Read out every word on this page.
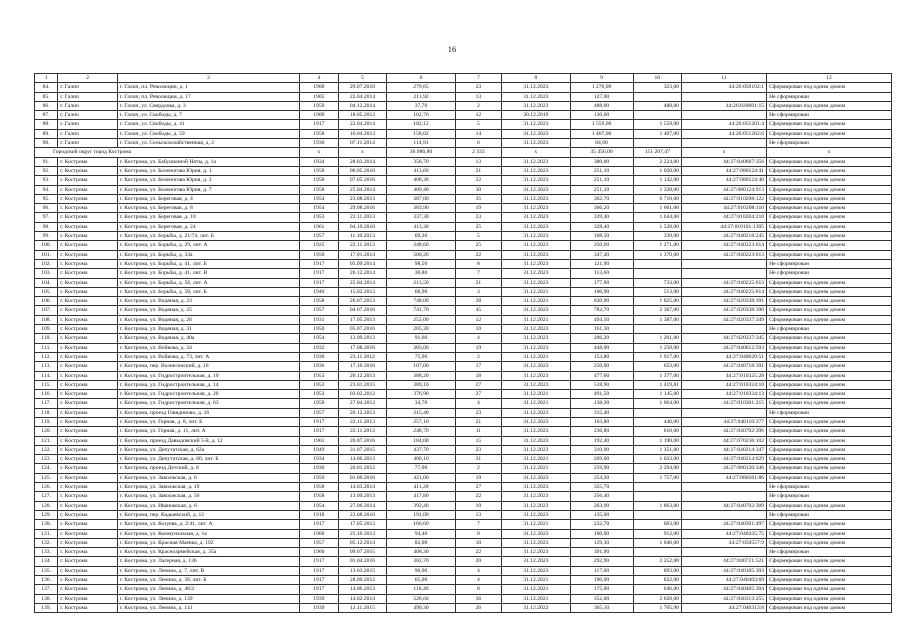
16
1	2	3	4	5	6	7	8	9	10	11	12
84.	г. Галич	г. Галич, пл. Революции, д. 1	1900	29.07.2016	279,65	23	31.12.2023	1 276,00	323,00	44:26:050102:1	Сформирован под одним домом
85.	г. Галич	г. Галич, пл. Революции, д. 17	1905	22.04.2014	211,92	13	31.12.2023	127,00			Не сформирован
86.	г. Галич	г. Галич, ул. Свердлова, д. 3	1959	04.12.2014	37,70	2	31.12.2023	488,00	488,00	44:26:020601:15	Сформирован под одним домом
87.	г. Галич	г. Галич, ул. Свободы, д. 7	1900	18.05.2012	102,76	12	30.12.2019	130,00			Не сформирован
88.	г. Галич	г. Галич, ул. Свободы, д. 41	1917	22.04.2014	182,12	5	31.12.2023	1 559,00	1 559,00	44:26:051201:4	Сформирован под одним домом
89.	г. Галич	г. Галич, ул. Свободы, д. 59	1958	16.04.2013	158,02	14	31.12.2023	1 407,00	1 407,00	44:26:051202:6	Сформирован под одним домом
90.	г. Галич	г. Галич, ул. Сельскохозяйственная, д. 2	1930	07.11.2014	114,91	6	31.12.2023	84,00			Не сформирован
Городской округ город Кострома			x	x	36 986,80	2 333	x	35 456,00	151 207,47	x	x
91.	г. Кострома	г. Кострома, ул. Бабушкиной Няты, д. 1а	1934	28.03.2014	356,70	13	31.12.2023	380,00	2 224,00	44:27:040607:356	Сформирован под одним домом
92.	г. Кострома	г. Кострома, ул. Беленогова Юрия, д. 1	1958	06.05.2016	413,60	21	31.12.2023	251,10	1 020,00	44:27:080124:41	Сформирован под одним домом
93.	г. Кострома	г. Кострома, ул. Беленогова Юрия, д. 3	1958	07.05.2016	408,30	22	31.12.2023	251,10	1 142,00	44:27:080124:40	Сформирован под одним домом
94.	г. Кострома	г. Кострома, ул. Беленогова Юрия, д. 7	1958	25.04.2014	409,40	30	31.12.2023	251,10	1 328,00	44:27:080124:913	Сформирован под одним домом
95.	г. Кострома	г. Кострома, ул. Береговая, д. 4	1954	23.08.2013	387,00	35	31.12.2023	362,70	6 710,00	44:27:010208:122	Сформирован под одним домом
96.	г. Кострома	г. Кострома, ул. Береговая, д. 8	1954	29.08.2016	383,90	19	31.12.2023	366,20	1 661,00	44:27:010208:110	Сформирован под одним домом
97.	г. Кострома	г. Кострома, ул. Береговая, д. 10	1953	22.11.2013	337,30	23	31.12.2023	339,40	1 644,00	44:27:010204:210	Сформирован под одним домом
98.	г. Кострома	г. Кострома, ул. Береговая, д. 24	1961	04.10.2016	413,30	25	31.12.2023	328,40	1 528,00	44:27:010101:1305	Сформирован под одним домом
99.	г. Кострома	г. Кострома, ул. Борьбы, д. 21/74, лит. Б	1957	11.10.2013	69,20	5	31.12.2023	108,50	339,00	44:27:040218:245	Сформирован под одним домом
100.	г. Кострома	г. Кострома, ул. Борьбы, д. 29, лит. А	1925	22.11.2013	348,60	25	31.12.2023	250,60	1 271,00	44:27:040223:614	Сформирован под одним домом
101.	г. Кострома	г. Кострома, ул. Борьбы, д. 33а	1950	17.01.2014	500,20	22	31.12.2023	347,40	1 370,00	44:27:040223:613	Сформирован под одним домом
102.	г. Кострома	г. Кострома, ул. Борьбы, д. 41, лит. Б	1917	05.09.2014	98,50	8	31.12.2023	121,90			Не сформирован
103.	г. Кострома	г. Кострома, ул. Борьбы, д. 41, лит. В	1917	26.12.2014	30,80	7	31.12.2023	113,60			Не сформирован
104.	г. Кострома	г. Кострома, ул. Борьбы, д. 58, лит. А	1917	25.04.2014	213,50	21	31.12.2023	177,90	733,00	44:27:040225:613	Сформирован под одним домом
105.	г. Кострома	г. Кострома, ул. Борьбы, д. 58, лит. Б	1940	15.02.2013	68,90	3	31.12.2021	100,90	513,00	44:27:040225:614	Сформирован под одним домом
106.	г. Кострома	г. Кострома, ул. Водяная, д. 23	1958	26.07.2013	748,00	38	31.12.2021	830,90	1 825,00	44:27:020338:391	Сформирован под одним домом
107.	г. Кострома	г. Кострома, ул. Водяная, д. 25	1957	04.07.2016	741,70	45	31.12.2023	782,70	2 367,00	44:27:020338:390	Сформирован под одним домом
108.	г. Кострома	г. Кострома, ул. Водяная, д. 26	1931	17.05.2013	252,00	12	31.12.2021	494,50	1 387,00	44:27:020337:349	Сформирован под одним домом
109.	г. Кострома	г. Кострома, ул. Водяная, д. 31	1950	05.07.2016	205,30	10	31.12.2023	161,30			Не сформирован
110.	г. Кострома	г. Кострома, ул. Водяная, д. 40а	1954	13.09.2013	91,60	4	31.12.2023	206,20	1 201,00	44:27:020337:345	Сформирован под одним домом
111.	г. Кострома	г. Кострома, ул. Войкова, д. 34	1932	17.08.2016	383,00	19	31.12.2023	448,00	1 258,00	44:27:040612:593	Сформирован под одним домом
112.	г. Кострома	г. Кострома, ул. Войкова, д. 73, лит. А	1930	23.11.2012	75,90	2	31.12.2021	153,80	1 917,00	44:27:040620:51	Сформирован под одним домом
113.	г. Кострома	г. Кострома, пер. Вознесенский, д. 16	1936	17.10.2016	107,00	17	31.12.2023	250,00	653,00	44:27:040718:391	Сформирован под одним домом
114.	г. Кострома	г. Кострома, ул. Гидростроительная, д. 10	1953	20.12.2013	388,20	18	31.12.2023	477,60	1 377,00	44:27:010325:28	Сформирован под одним домом
115.	г. Кострома	г. Кострома, ул. Гидростроительная, д. 14	1953	23.01.2015	389,10	27	31.12.2023	518,90	1 419,81	44:27:010324:10	Сформирован под одним домом
116.	г. Кострома	г. Кострома, ул. Гидростроительная, д. 20	1953	03.02.2012	376,90	27	31.12.2021	491,50	1 145,00	44:27:010324:13	Сформирован под одним домом
117.	г. Кострома	г. Кострома, ул. Гидростроительная, д. 63	1958	27.04.2012	34,70	4	31.12.2021	138,30	1 064,00	44:27:010301:215	Сформирован под одним домом
118.	г. Кострома	г. Кострома, проезд Говядиново, д. 16	1957	20.12.2013	315,40	23	31.12.2023	315,40			Не сформирован
119.	г. Кострома	г. Кострома, ул. Горная, д. 8, лит. Б	1917	22.11.2013	257,10	21	31.12.2023	163,80	440,00	44:27:040110:377	Сформирован под одним домом
120.	г. Кострома	г. Кострома, ул. Горная, д. 11, лит. А	1917	22.11.2013	248,70	11	31.12.2023	236,80	610,00	44:27:040702:396	Сформирован под одним домом
121.	г. Кострома	г. Кострома, проезд Давыдовский 5-й, д. 12	1961	26.07.2016	184,00	15	31.12.2023	192,40	1 190,00	44:27:070236:102	Сформирован под одним домом
122.	г. Кострома	г. Кострома, ул. Депутатская, д. 62а	1949	31.07.2015	437,70	23	31.12.2023	310,90	1 351,00	44:27:040214:347	Сформирован под одним домом
123.	г. Кострома	г. Кострома, ул. Депутатская, д. 80, лит. Б	1934	14.06.2013	400,10	31	31.12.2021	269,00	1 033,00	44:27:040214:629	Сформирован под одним домом
124.	г. Кострома	г. Кострома, проезд Детский, д. 8	1930	20.01.2012	77,00	2	31.12.2021	259,90	2 294,00	44:27:080130:346	Сформирован под одним домом
125.	г. Кострома	г. Кострома, ул. Заволжская, д. 6	1959	01.06.2016	421,00	19	31.12.2023	254,30	1 757,00	44:27:080501:86	Сформирован под одним домом
126.	г. Кострома	г. Кострома, ул. Заволжская, д. 19	1958	14.03.2014	411,20	27	31.12.2023	355,70			Не сформирован
127.	г. Кострома	г. Кострома, ул. Заволжская, д. 50	1958	13.09.2013	417,80	22	31.12.2023	256,40			Не сформирован
128.	г. Кострома	г. Кострома, ул. Ивановская, д. 6	1954	27.06.2014	392,40	19	31.12.2023	263,90	1 863,00	44:27:040702:309	Сформирован под одним домом
129.	г. Кострома	г. Кострома, пер. Кадыевский, д. 12	1918	23.08.2016	191,00	13	31.12.2023	135,00			Не сформирован
130.	г. Кострома	г. Кострома, ул. Козуева, д. 2/41, лит. А	1917	17.05.2013	166,60	7	31.12.2021	232,70	603,00	44:27:040301:497	Сформирован под одним домом
131.	г. Кострома	г. Кострома, ул. Коммунальная, д. 1а	1960	25.10.2013	94,40	8	31.12.2023	100,00	912,00	44:27:040435:75	Сформирован под одним домом
132.	г. Кострома	г. Кострома, ул. Красная Маевка, д. 192	1957	05.12.2014	82,00	10	31.12.2023	129,30	1 046,00	44:27:050557:9	Сформирован под одним домом
133.	г. Кострома	г. Кострома, ул. Красноармейская, д. 35а	1960	09.07.2015	408,30	22	31.12.2023	391,90			Не сформирован
134.	г. Кострома	г. Кострома, ул. Лагерная, д. 136	1917	01.04.2016	302,70	20	31.12.2023	292,90	2 252,00	44:27:040721:521	Сформирован под одним домом
135.	г. Кострома	г. Кострома, ул. Ленина, д. 7, лит. В	1917	13.03.2015	90,90	4	31.12.2023	117,00	893,00	44:27:040105:393	Сформирован под одним домом
136.	г. Кострома	г. Кострома, ул. Ленина, д. 38, лит. Б	1917	28.09.2012	65,00	4	31.12.2021	190,00	822,00	44:27:040403:69	Сформирован под одним домом
137.	г. Кострома	г. Кострома, ул. Ленина, д. 46/2	1917	14.06.2013	118,40	8	31.12.2021	175,00	646,00	44:27:040405:304	Сформирован под одним домом
138.	г. Кострома	г. Кострома, ул. Ленина, д. 139	1939	14.02.2014	528,60	36	31.12.2021	352,00	2 628,00	44:27:040313:255	Сформирован под одним домом
139.	г. Кострома	г. Кострома, ул. Ленина, д. 141	1939	12.11.2015	490,30	26	31.12.2022	365,10	1 705,90	44:27:040313:8	Сформирован под одним домом
